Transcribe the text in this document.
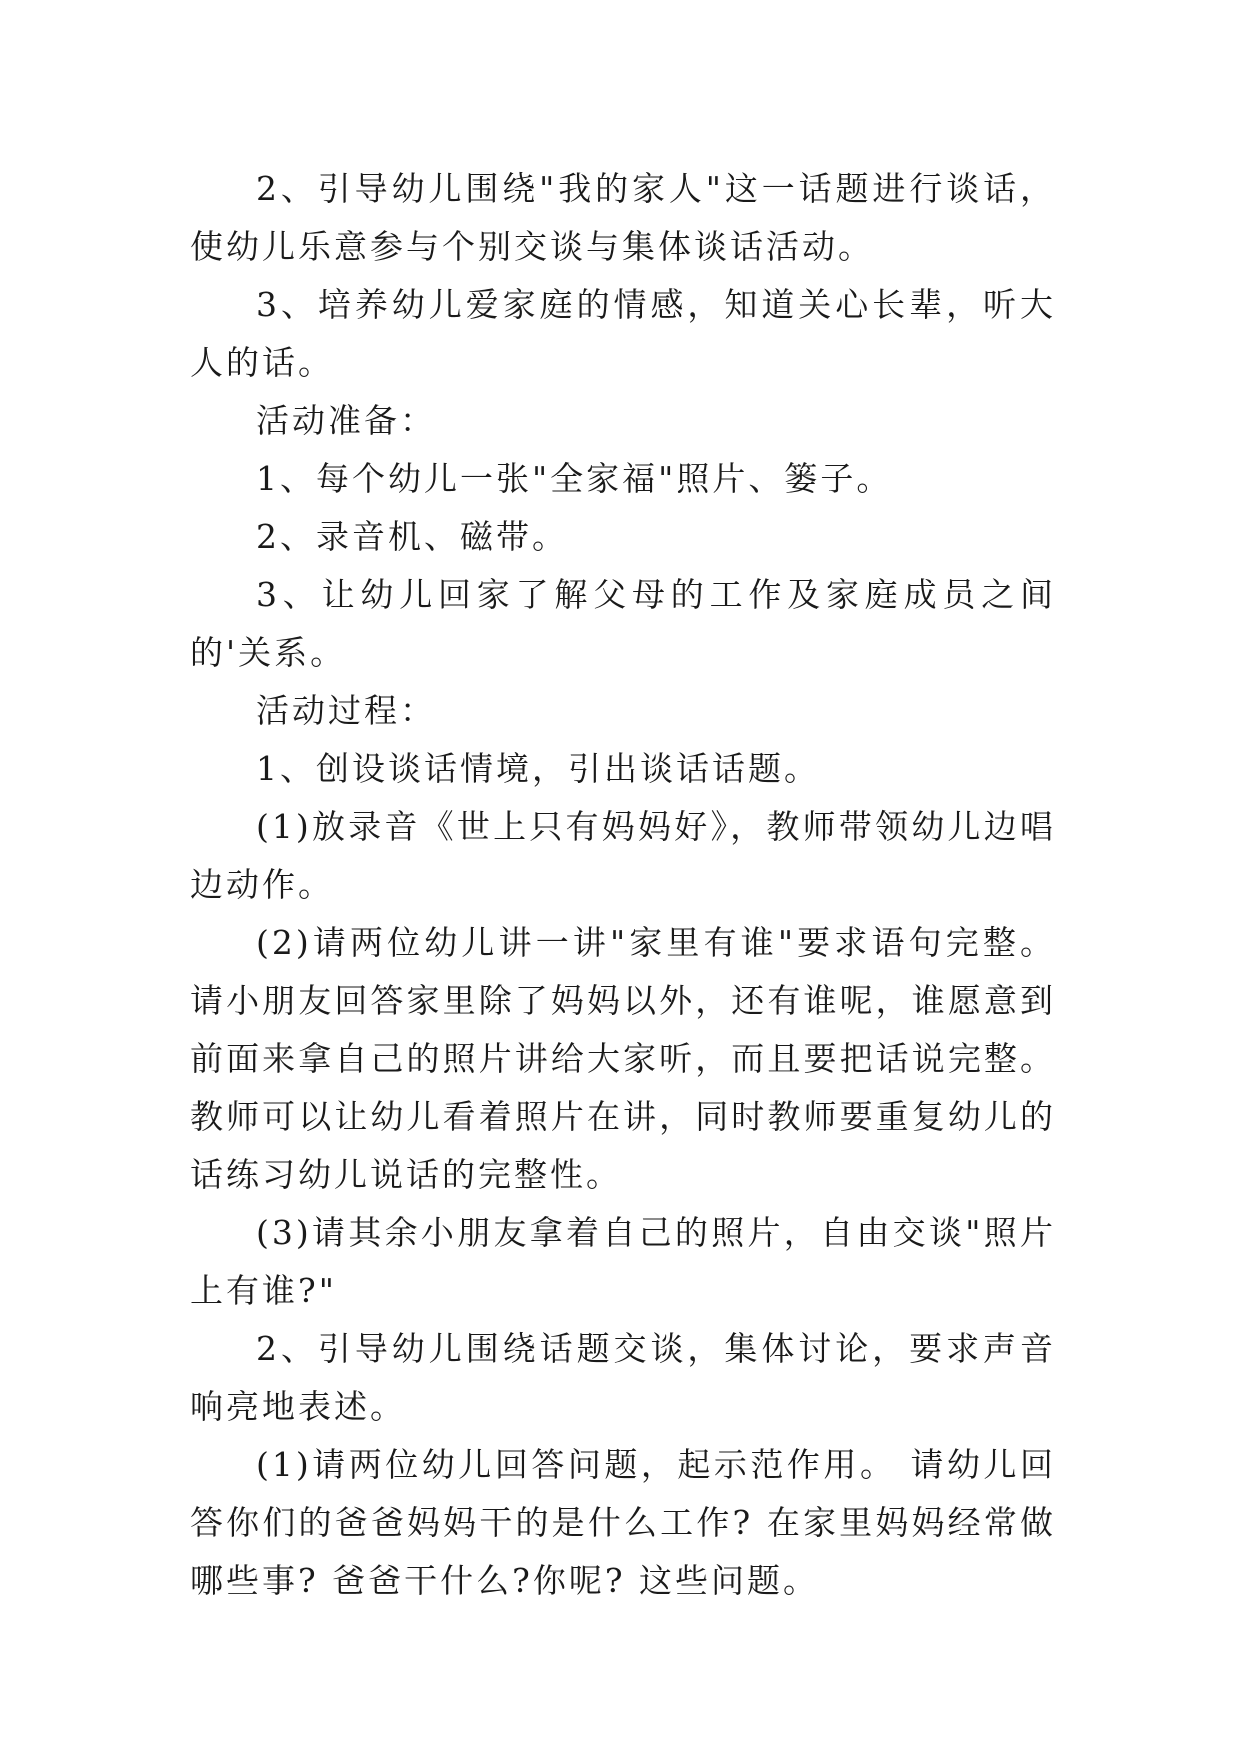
2、引导幼儿围绕"我的家人"这一话题进行谈话，使幼儿乐意参与个别交谈与集体谈话活动。

3、培养幼儿爱家庭的情感，知道关心长辈，听大人的话。

活动准备：

1、每个幼儿一张"全家福"照片、篓子。

2、录音机、磁带。

3、让幼儿回家了解父母的工作及家庭成员之间的'关系。

活动过程：

1、创设谈话情境，引出谈话话题。

(1)放录音《世上只有妈妈好》，教师带领幼儿边唱边动作。

(2)请两位幼儿讲一讲"家里有谁"要求语句完整。 请小朋友回答家里除了妈妈以外，还有谁呢，谁愿意到前面来拿自己的照片讲给大家听，而且要把话说完整。 教师可以让幼儿看着照片在讲，同时教师要重复幼儿的话练习幼儿说话的完整性。

(3)请其余小朋友拿着自己的照片，自由交谈"照片上有谁?"

2、引导幼儿围绕话题交谈，集体讨论，要求声音响亮地表述。

(1)请两位幼儿回答问题，起示范作用。 请幼儿回答你们的爸爸妈妈干的是什么工作? 在家里妈妈经常做哪些事? 爸爸干什么?你呢? 这些问题。
